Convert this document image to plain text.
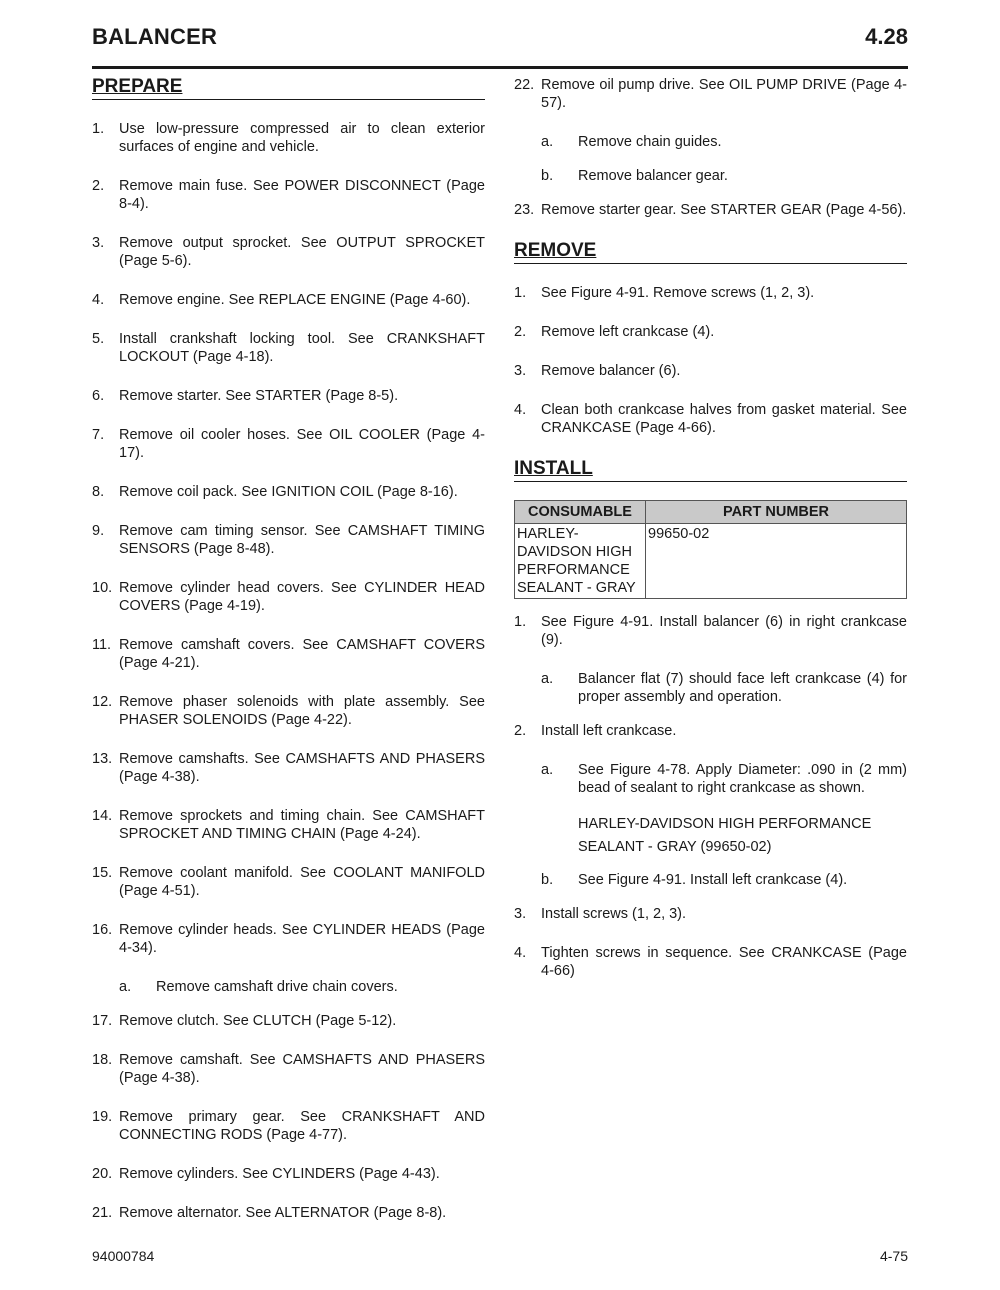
BALANCER	4.28
PREPARE
1. Use low-pressure compressed air to clean exterior surfaces of engine and vehicle.
2. Remove main fuse. See POWER DISCONNECT (Page 8-4).
3. Remove output sprocket. See OUTPUT SPROCKET (Page 5-6).
4. Remove engine. See REPLACE ENGINE (Page 4-60).
5. Install crankshaft locking tool. See CRANKSHAFT LOCKOUT (Page 4-18).
6. Remove starter. See STARTER (Page 8-5).
7. Remove oil cooler hoses. See OIL COOLER (Page 4-17).
8. Remove coil pack. See IGNITION COIL (Page 8-16).
9. Remove cam timing sensor. See CAMSHAFT TIMING SENSORS (Page 8-48).
10. Remove cylinder head covers. See CYLINDER HEAD COVERS (Page 4-19).
11. Remove camshaft covers. See CAMSHAFT COVERS (Page 4-21).
12. Remove phaser solenoids with plate assembly. See PHASER SOLENOIDS (Page 4-22).
13. Remove camshafts. See CAMSHAFTS AND PHASERS (Page 4-38).
14. Remove sprockets and timing chain. See CAMSHAFT SPROCKET AND TIMING CHAIN (Page 4-24).
15. Remove coolant manifold. See COOLANT MANIFOLD (Page 4-51).
16. Remove cylinder heads. See CYLINDER HEADS (Page 4-34).
a. Remove camshaft drive chain covers.
17. Remove clutch. See CLUTCH (Page 5-12).
18. Remove camshaft. See CAMSHAFTS AND PHASERS (Page 4-38).
19. Remove primary gear. See CRANKSHAFT AND CONNECTING RODS (Page 4-77).
20. Remove cylinders. See CYLINDERS (Page 4-43).
21. Remove alternator. See ALTERNATOR (Page 8-8).
22. Remove oil pump drive. See OIL PUMP DRIVE (Page 4-57).
a. Remove chain guides.
b. Remove balancer gear.
23. Remove starter gear. See STARTER GEAR (Page 4-56).
REMOVE
1. See Figure 4-91. Remove screws (1, 2, 3).
2. Remove left crankcase (4).
3. Remove balancer (6).
4. Clean both crankcase halves from gasket material. See CRANKCASE (Page 4-66).
INSTALL
CONSUMABLE	PART NUMBER
HARLEY-DAVIDSON HIGH PERFORMANCE SEALANT - GRAY	99650-02
1. See Figure 4-91. Install balancer (6) in right crankcase (9).
a. Balancer flat (7) should face left crankcase (4) for proper assembly and operation.
2. Install left crankcase.
a. See Figure 4-78. Apply Diameter: .090 in (2 mm) bead of sealant to right crankcase as shown.
HARLEY-DAVIDSON HIGH PERFORMANCE SEALANT - GRAY (99650-02)
b. See Figure 4-91. Install left crankcase (4).
3. Install screws (1, 2, 3).
4. Tighten screws in sequence. See CRANKCASE (Page 4-66)
94000784	4-75
